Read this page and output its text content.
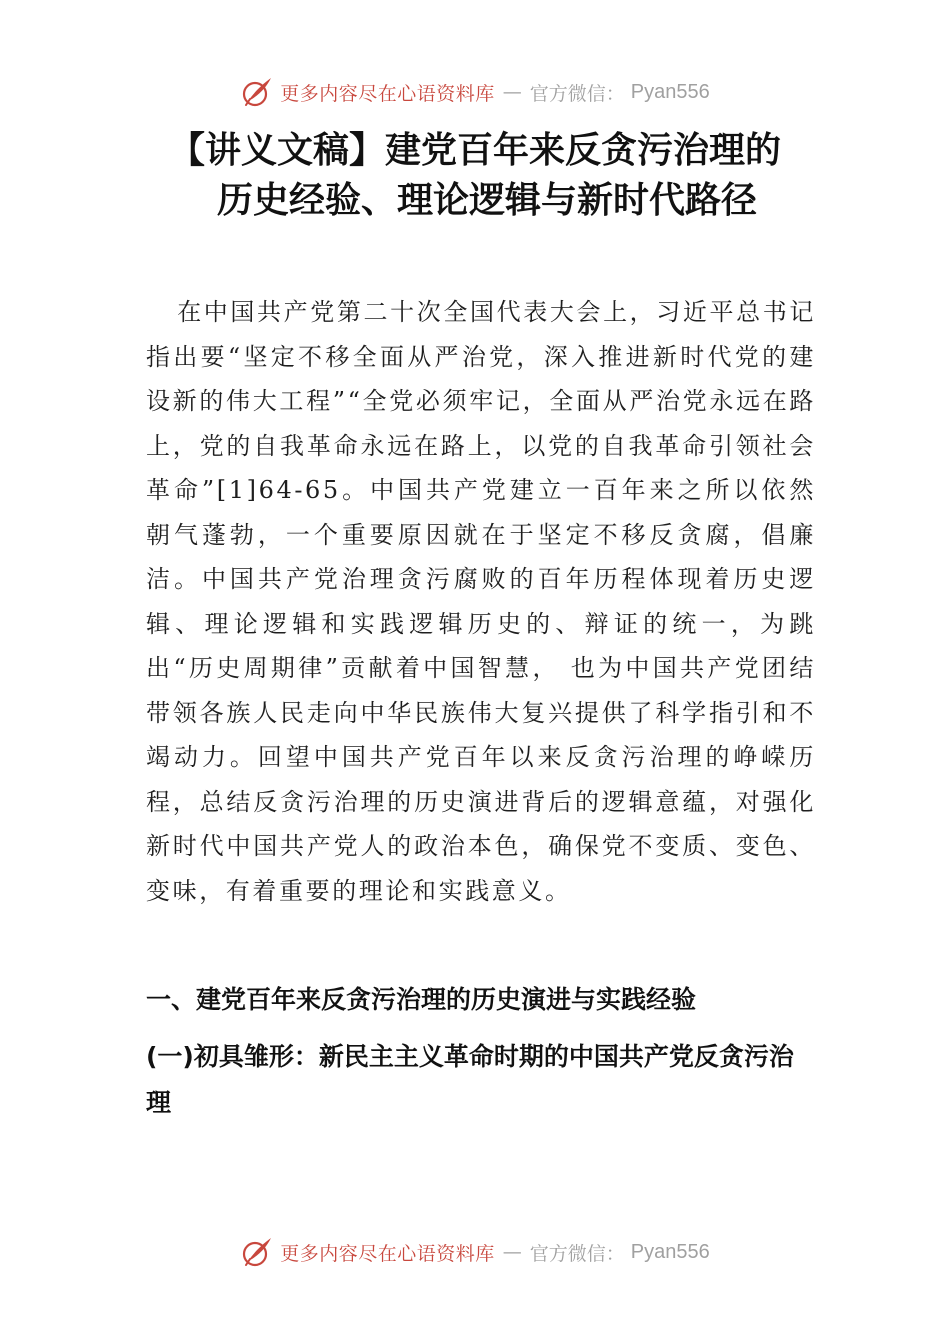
更多内容尽在心语资料库 — 官方微信： Pyan556
【讲义文稿】建党百年来反贪污治理的
历史经验、理论逻辑与新时代路径

在中国共产党第二十次全国代表大会上，习近平总书记指出要“坚定不移全面从严治党，深入推进新时代党的建设新的伟大工程”“全党必须牢记，全面从严治党永远在路上，党的自我革命永远在路上，以党的自我革命引领社会革命”[1]64-65。中国共产党建立一百年来之所以依然朝气蓬勃，一个重要原因就在于坚定不移反贪腐，倡廉洁。中国共产党治理贪污腐败的百年历程体现着历史逻辑、理论逻辑和实践逻辑历史的、辩证的统一，为跳出“历史周期律”贡献着中国智慧， 也为中国共产党团结带领各族人民走向中华民族伟大复兴提供了科学指引和不竭动力。回望中国共产党百年以来反贪污治理的峥嵘历程，总结反贪污治理的历史演进背后的逻辑意蕴，对强化新时代中国共产党人的政治本色，确保党不变质、变色、变味，有着重要的理论和实践意义。

一、建党百年来反贪污治理的历史演进与实践经验
(一)初具雏形：新民主主义革命时期的中国共产党反贪污治理
更多内容尽在心语资料库 — 官方微信： Pyan556
